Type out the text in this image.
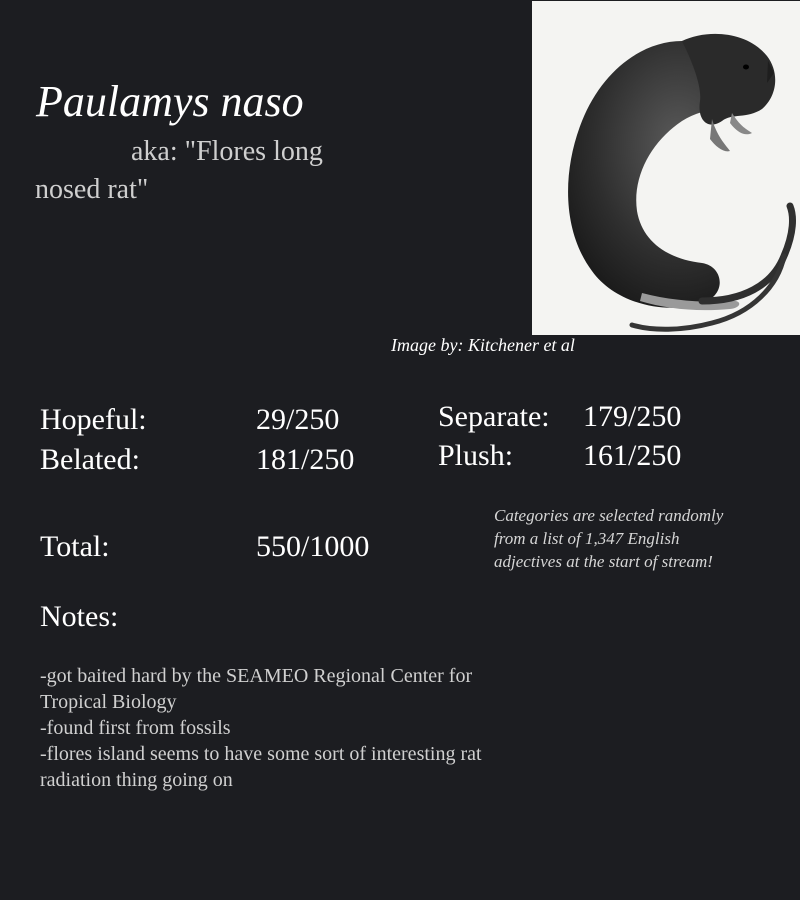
Paulamys naso
aka: "Flores long nosed rat"
Image by: Kitchener et al
Hopeful:	29/250
Belated:	181/250
Separate: 179/250
Plush: 161/250
Total:	550/1000
Categories are selected randomly from a list of 1,347 English adjectives at the start of stream!
Notes:
-got baited hard by the SEAMEO Regional Center for Tropical Biology
-found first from fossils
-flores island seems to have some sort of interesting rat radiation thing going on
